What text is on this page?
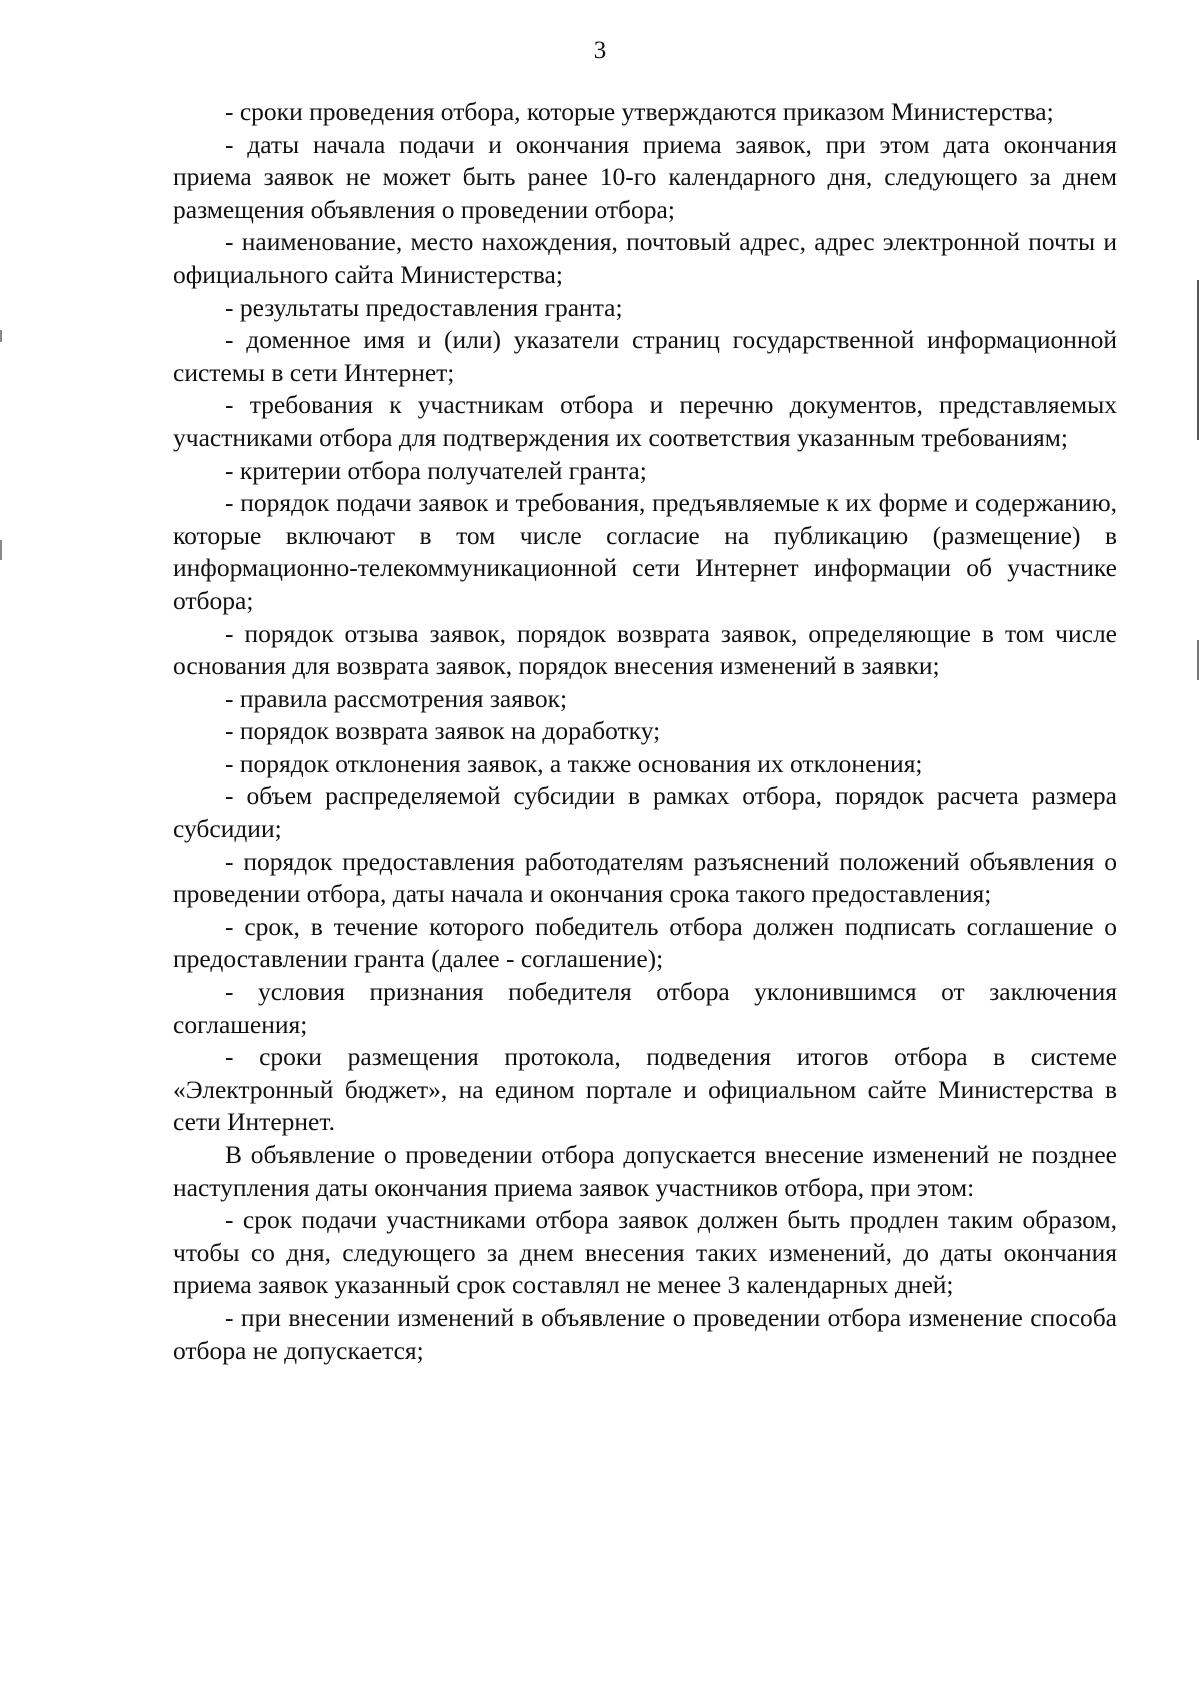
3

- сроки проведения отбора, которые утверждаются приказом Министерства;

- даты начала подачи и окончания приема заявок, при этом дата окончания приема заявок не может быть ранее 10-го календарного дня, следующего за днем размещения объявления о проведении отбора;

- наименование, место нахождения, почтовый адрес, адрес электронной почты и официального сайта Министерства;

- результаты предоставления гранта;

- доменное имя и (или) указатели страниц государственной информационной системы в сети Интернет;

- требования к участникам отбора и перечню документов, представляемых участниками отбора для подтверждения их соответствия указанным требованиям;

- критерии отбора получателей гранта;

- порядок подачи заявок и требования, предъявляемые к их форме и содержанию, которые включают в том числе согласие на публикацию (размещение) в информационно-телекоммуникационной сети Интернет информации об участнике отбора;

- порядок отзыва заявок, порядок возврата заявок, определяющие в том числе основания для возврата заявок, порядок внесения изменений в заявки;

- правила рассмотрения заявок;

- порядок возврата заявок на доработку;

- порядок отклонения заявок, а также основания их отклонения;

- объем распределяемой субсидии в рамках отбора, порядок расчета размера субсидии;

- порядок предоставления работодателям разъяснений положений объявления о проведении отбора, даты начала и окончания срока такого предоставления;

- срок, в течение которого победитель отбора должен подписать соглашение о предоставлении гранта (далее - соглашение);

- условия признания победителя отбора уклонившимся от заключения соглашения;

- сроки размещения протокола, подведения итогов отбора в системе «Электронный бюджет», на едином портале и официальном сайте Министерства в сети Интернет.

В объявление о проведении отбора допускается внесение изменений не позднее наступления даты окончания приема заявок участников отбора, при этом:

- срок подачи участниками отбора заявок должен быть продлен таким образом, чтобы со дня, следующего за днем внесения таких изменений, до даты окончания приема заявок указанный срок составлял не менее 3 календарных дней;

- при внесении изменений в объявление о проведении отбора изменение способа отбора не допускается;
